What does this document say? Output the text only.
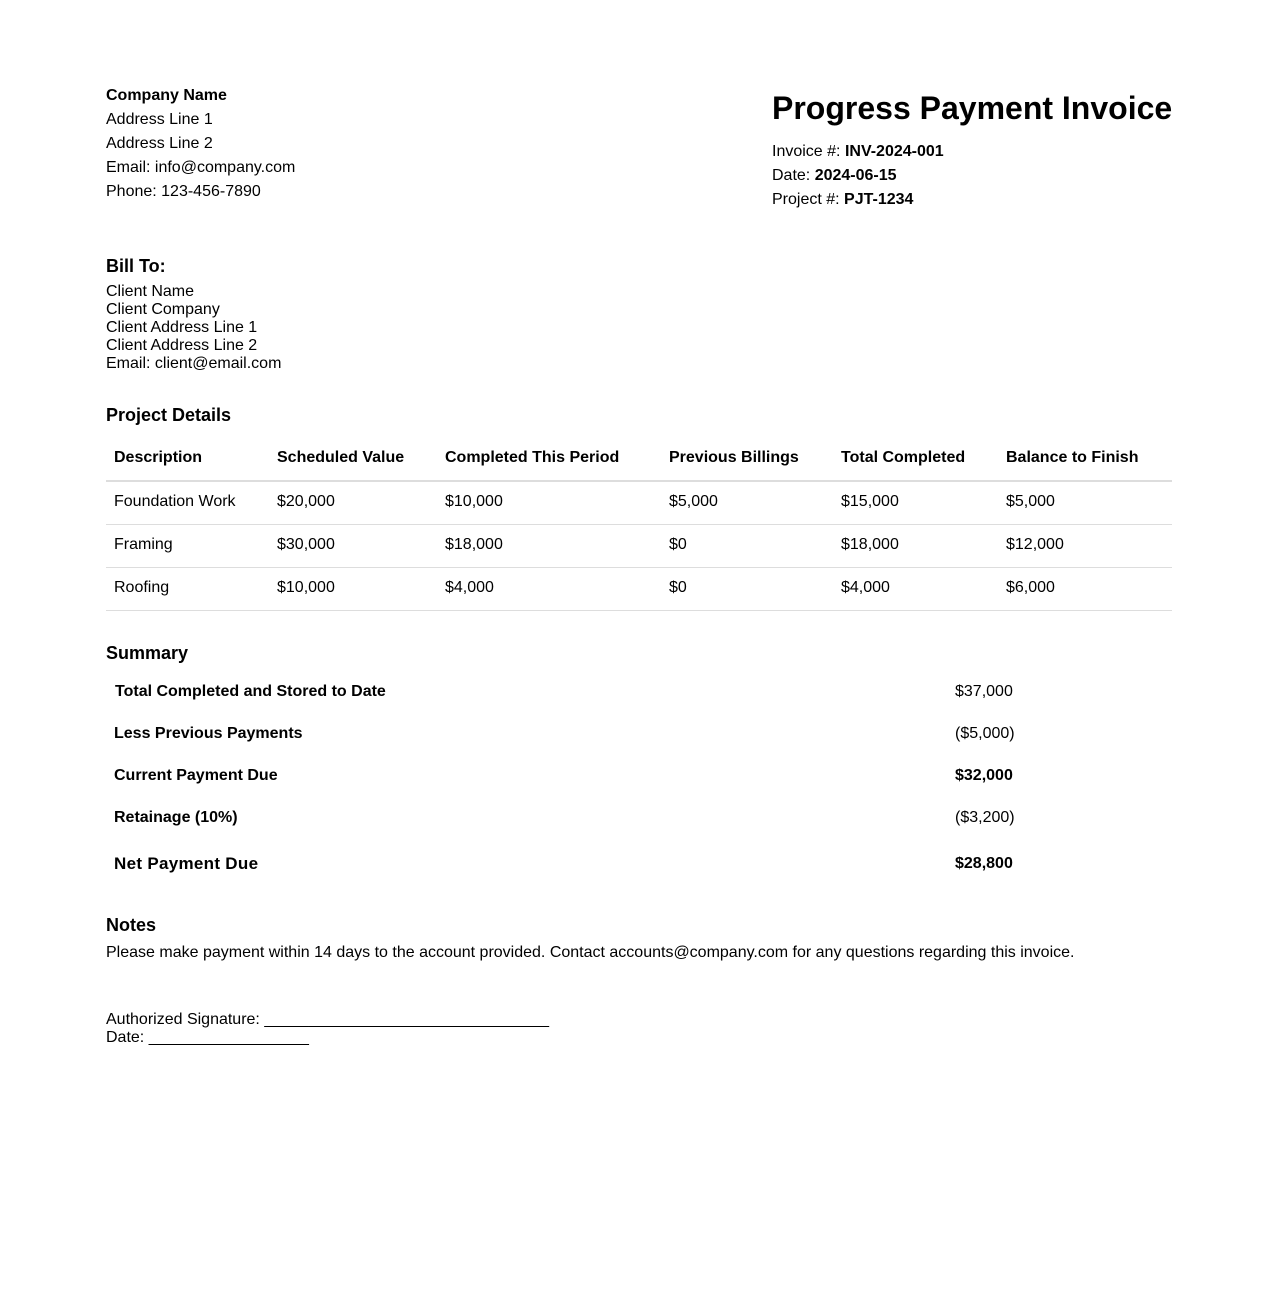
Company Name
Address Line 1
Address Line 2
Email: info@company.com
Phone: 123-456-7890
Progress Payment Invoice
Invoice #: INV-2024-001
Date: 2024-06-15
Project #: PJT-1234
Bill To:
Client Name
Client Company
Client Address Line 1
Client Address Line 2
Email: client@email.com
Project Details
Description	Scheduled Value	Completed This Period	Previous Billings	Total Completed	Balance to Finish
Foundation Work	$20,000	$10,000	$5,000	$15,000	$5,000
Framing	$30,000	$18,000	$0	$18,000	$12,000
Roofing	$10,000	$4,000	$0	$4,000	$6,000
Summary
Total Completed and Stored to Date	$37,000
Less Previous Payments	($5,000)
Current Payment Due	$32,000
Retainage (10%)	($3,200)
Net Payment Due	$28,800
Notes
Please make payment within 14 days to the account provided. Contact accounts@company.com for any questions regarding this invoice.
Authorized Signature: ________________________________
Date: __________________
